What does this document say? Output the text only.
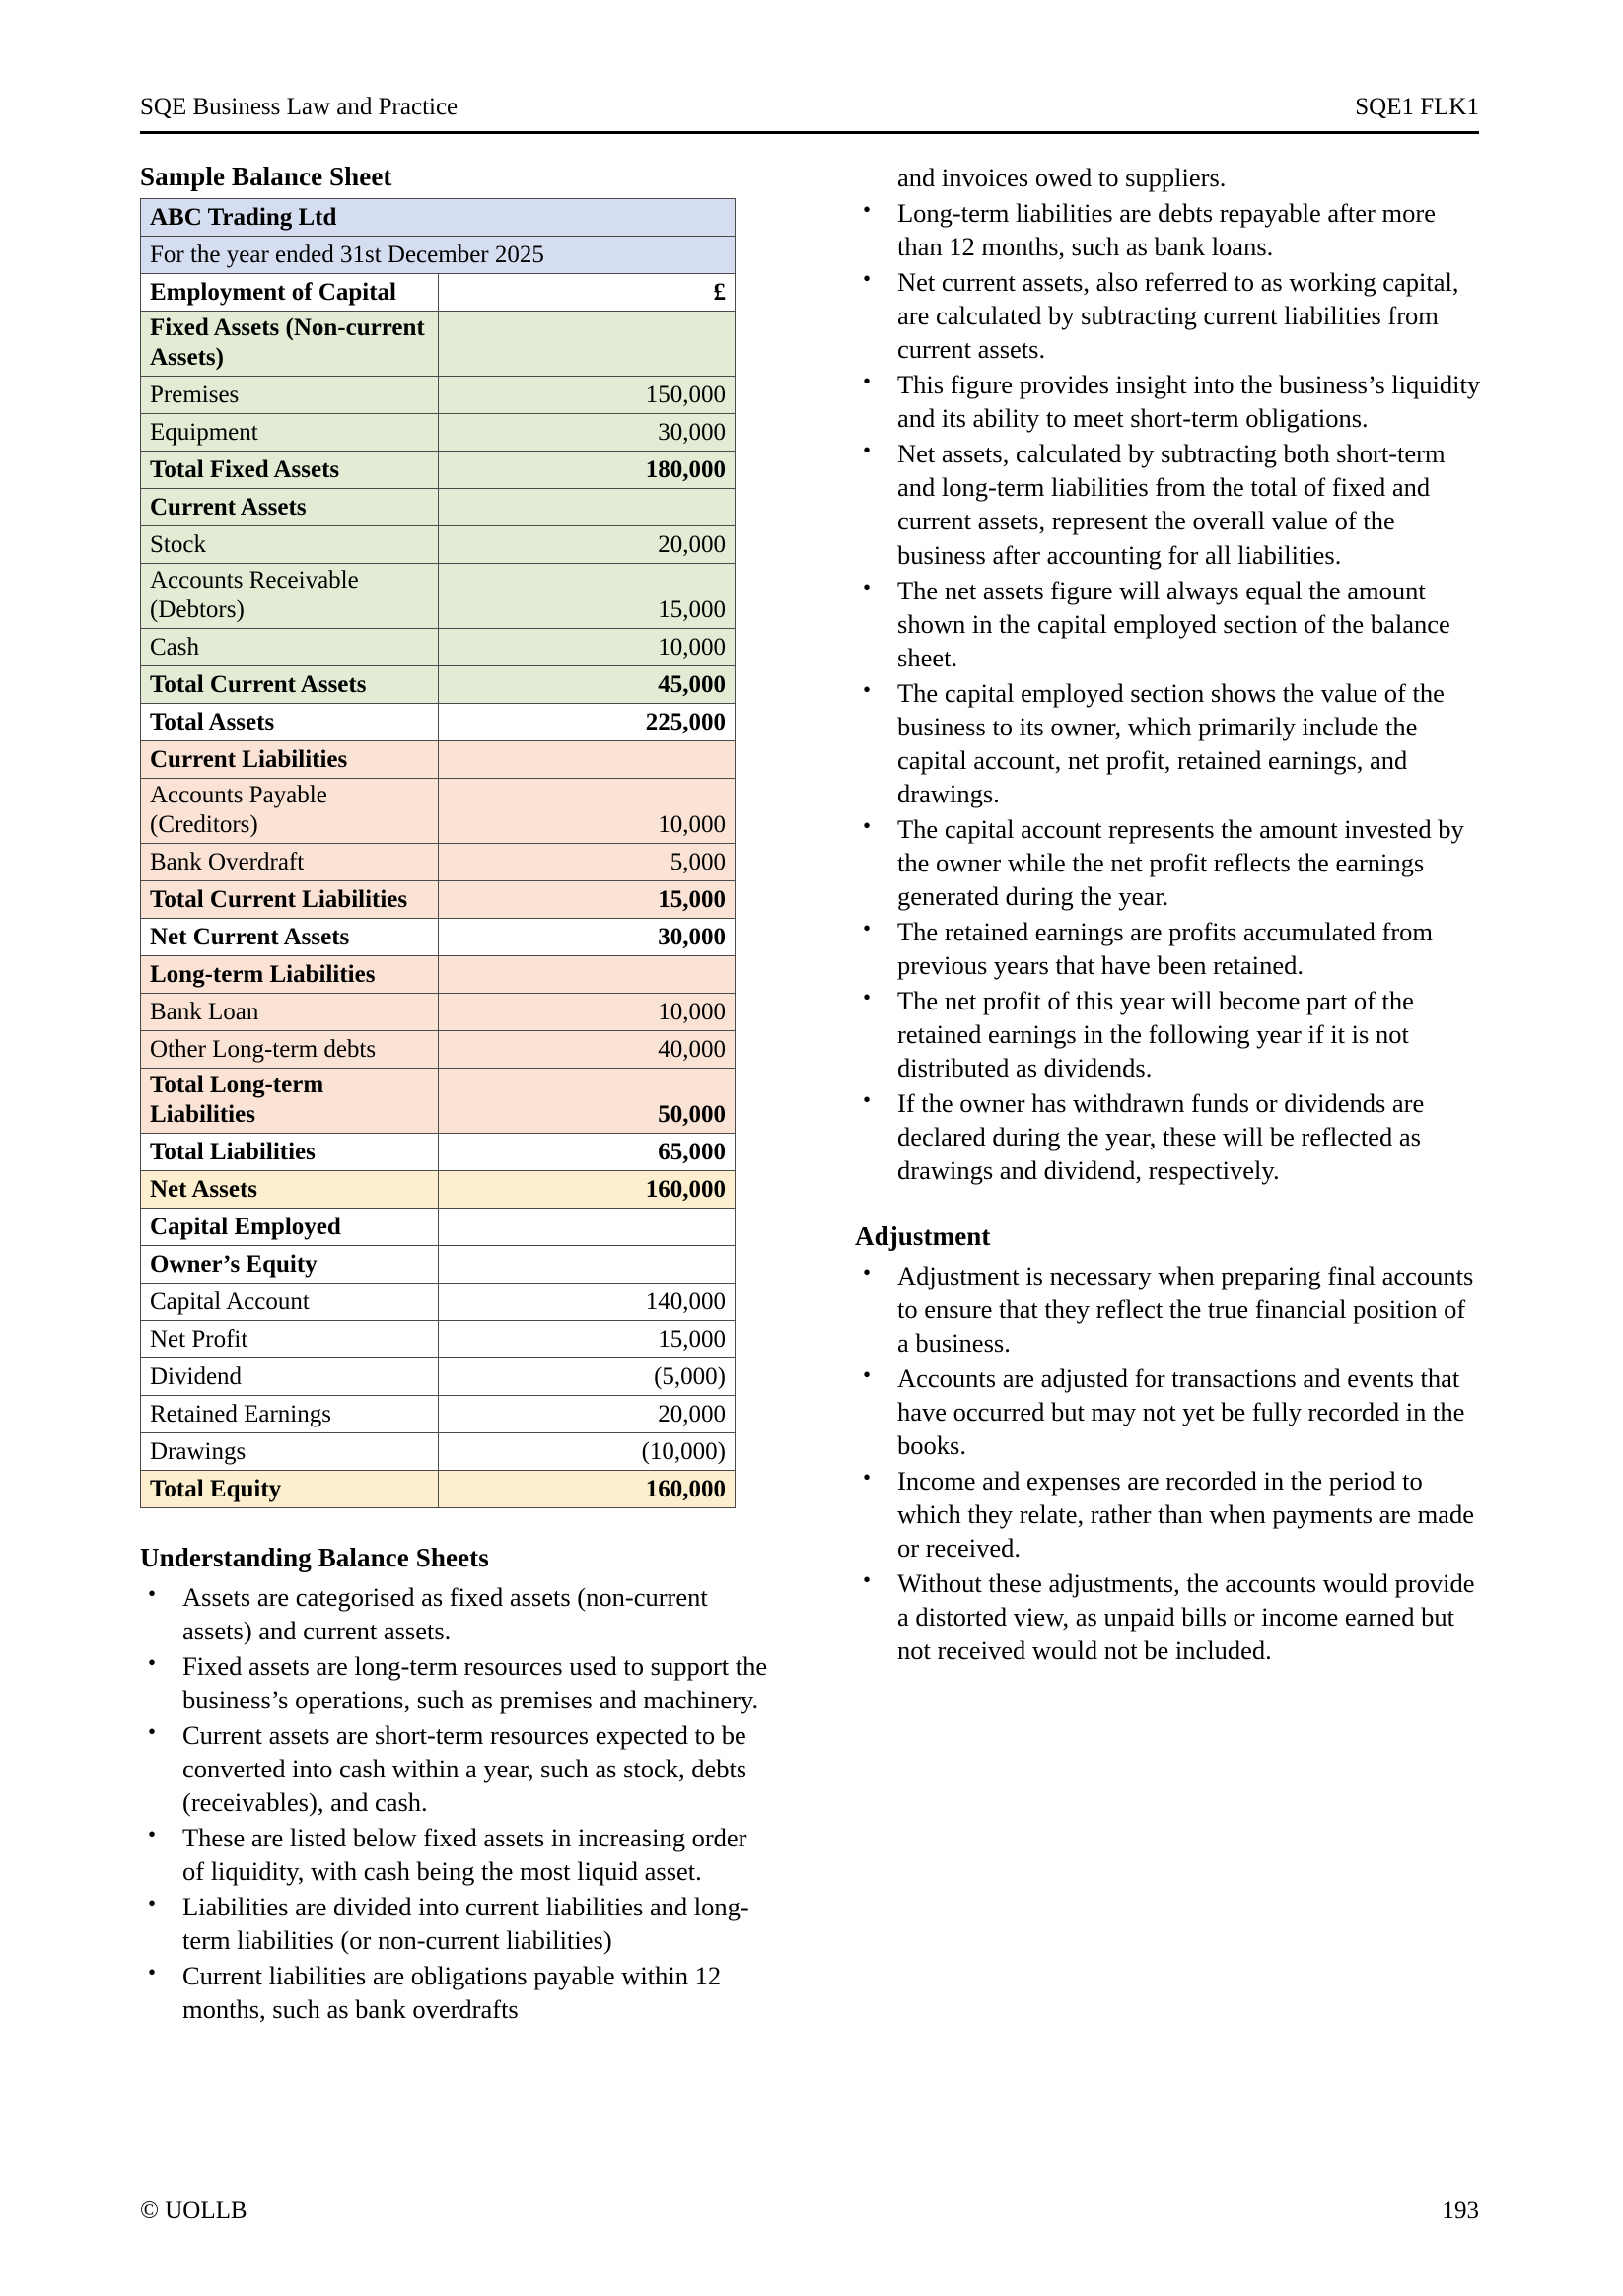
SQE Business Law and Practice	SQE1 FLK1
Sample Balance Sheet
ABC Trading Ltd	
For the year ended 31st December 2025	
Employment of Capital	£
Fixed Assets (Non-current Assets)	
Premises	150,000
Equipment	30,000
Total Fixed Assets	180,000
Current Assets	
Stock	20,000
Accounts Receivable (Debtors)	15,000
Cash	10,000
Total Current Assets	45,000
Total Assets	225,000
Current Liabilities	
Accounts Payable (Creditors)	10,000
Bank Overdraft	5,000
Total Current Liabilities	15,000
Net Current Assets	30,000
Long-term Liabilities	
Bank Loan	10,000
Other Long-term debts	40,000
Total Long-term Liabilities	50,000
Total Liabilities	65,000
Net Assets	160,000
Capital Employed	
Owner’s Equity	
Capital Account	140,000
Net Profit	15,000
Dividend	(5,000)
Retained Earnings	20,000
Drawings	(10,000)
Total Equity	160,000
Understanding Balance Sheets
• Assets are categorised as fixed assets (non-current assets) and current assets.
• Fixed assets are long-term resources used to support the business’s operations, such as premises and machinery.
• Current assets are short-term resources expected to be converted into cash within a year, such as stock, debts (receivables), and cash.
• These are listed below fixed assets in increasing order of liquidity, with cash being the most liquid asset.
• Liabilities are divided into current liabilities and long-term liabilities (or non-current liabilities)
• Current liabilities are obligations payable within 12 months, such as bank overdrafts

and invoices owed to suppliers.

• Long-term liabilities are debts repayable after more than 12 months, such as bank loans.
• Net current assets, also referred to as working capital, are calculated by subtracting current liabilities from current assets.
• This figure provides insight into the business’s liquidity and its ability to meet short-term obligations.
• Net assets, calculated by subtracting both short-term and long-term liabilities from the total of fixed and current assets, represent the overall value of the business after accounting for all liabilities.
• The net assets figure will always equal the amount shown in the capital employed section of the balance sheet.
• The capital employed section shows the value of the business to its owner, which primarily include the capital account, net profit, retained earnings, and drawings.
• The capital account represents the amount invested by the owner while the net profit reflects the earnings generated during the year.
• The retained earnings are profits accumulated from previous years that have been retained.
• The net profit of this year will become part of the retained earnings in the following year if it is not distributed as dividends.
• If the owner has withdrawn funds or dividends are declared during the year, these will be reflected as drawings and dividend, respectively.
Adjustment
• Adjustment is necessary when preparing final accounts to ensure that they reflect the true financial position of a business.
• Accounts are adjusted for transactions and events that have occurred but may not yet be fully recorded in the books.
• Income and expenses are recorded in the period to which they relate, rather than when payments are made or received.
• Without these adjustments, the accounts would provide a distorted view, as unpaid bills or income earned but not received would not be included.
© UOLLB	193
